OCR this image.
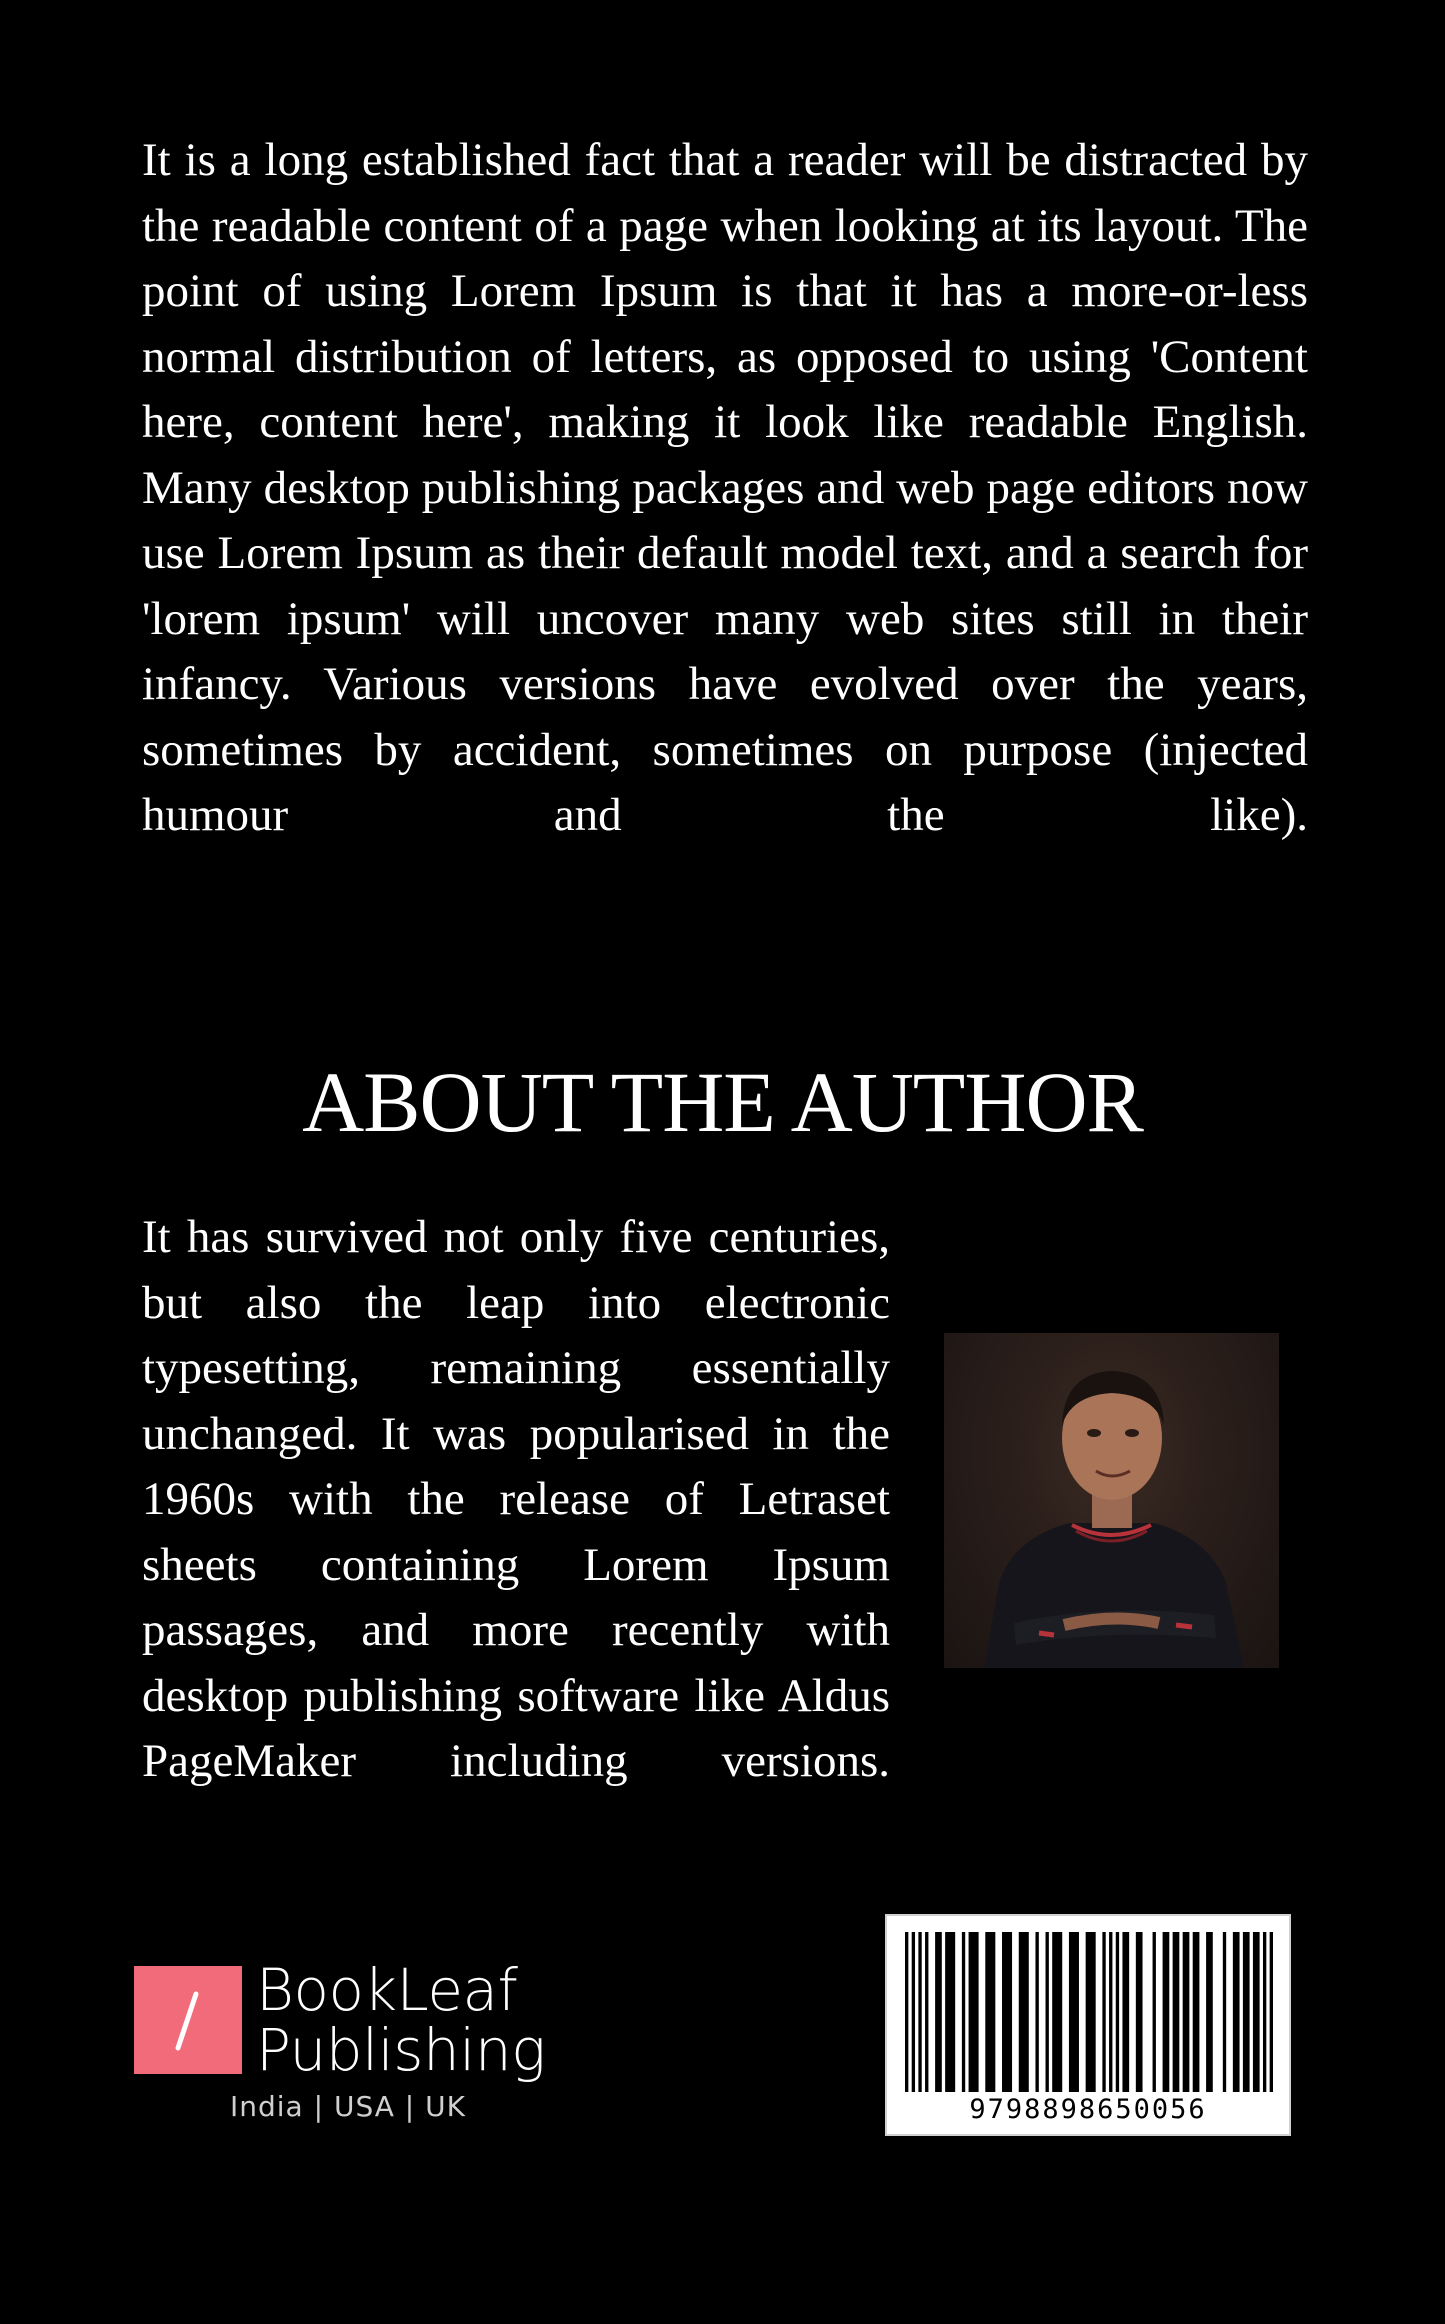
It is a long established fact that a reader will be distracted by the readable content of a page when looking at its layout. The point of using Lorem Ipsum is that it has a more-or-less normal distribution of letters, as opposed to using 'Content here, content here', making it look like readable English. Many desktop publishing packages and web page editors now use Lorem Ipsum as their default model text, and a search for 'lorem ipsum' will uncover many web sites still in their infancy. Various versions have evolved over the years, sometimes by accident, sometimes on purpose (injected humour and the like).

ABOUT THE AUTHOR

It has survived not only five centuries, but also the leap into electronic typesetting, remaining essentially unchanged. It was popularised in the 1960s with the release of Letraset sheets containing Lorem Ipsum passages, and more recently with desktop publishing software like Aldus PageMaker including versions.

BookLeaf
Publishing
India | USA | UK	9798898650056
